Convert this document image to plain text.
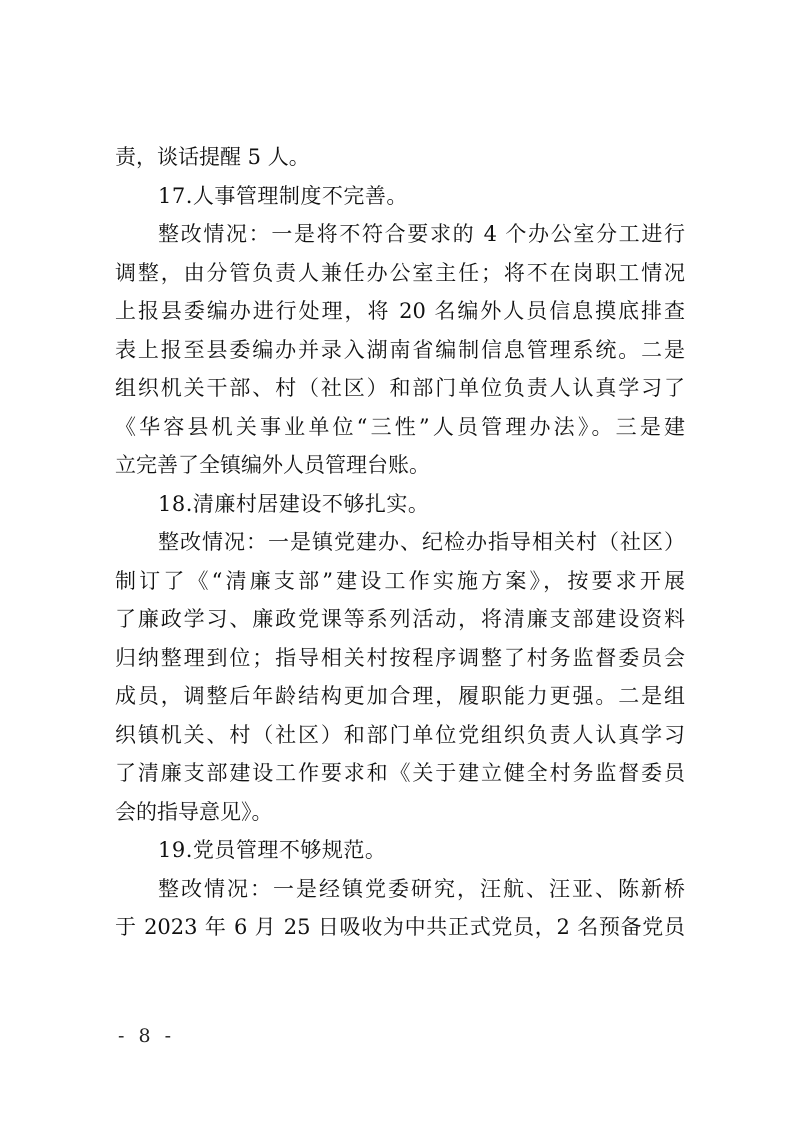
责，谈话提醒 5 人。
17.人事管理制度不完善。
整改情况：一是将不符合要求的 4 个办公室分工进行
调整，由分管负责人兼任办公室主任；将不在岗职工情况
上报县委编办进行处理，将 20 名编外人员信息摸底排查
表上报至县委编办并录入湖南省编制信息管理系统。二是
组织机关干部、村（社区）和部门单位负责人认真学习了
《华容县机关事业单位“三性”人员管理办法》。三是建
立完善了全镇编外人员管理台账。
18.清廉村居建设不够扎实。
整改情况：一是镇党建办、纪检办指导相关村（社区）
制订了《“清廉支部”建设工作实施方案》，按要求开展
了廉政学习、廉政党课等系列活动，将清廉支部建设资料
归纳整理到位；指导相关村按程序调整了村务监督委员会
成员，调整后年龄结构更加合理，履职能力更强。二是组
织镇机关、村（社区）和部门单位党组织负责人认真学习
了清廉支部建设工作要求和《关于建立健全村务监督委员
会的指导意见》。
19.党员管理不够规范。
整改情况：一是经镇党委研究，汪航、汪亚、陈新桥
于 2023 年 6 月 25 日吸收为中共正式党员，2 名预备党员
- 8 -
